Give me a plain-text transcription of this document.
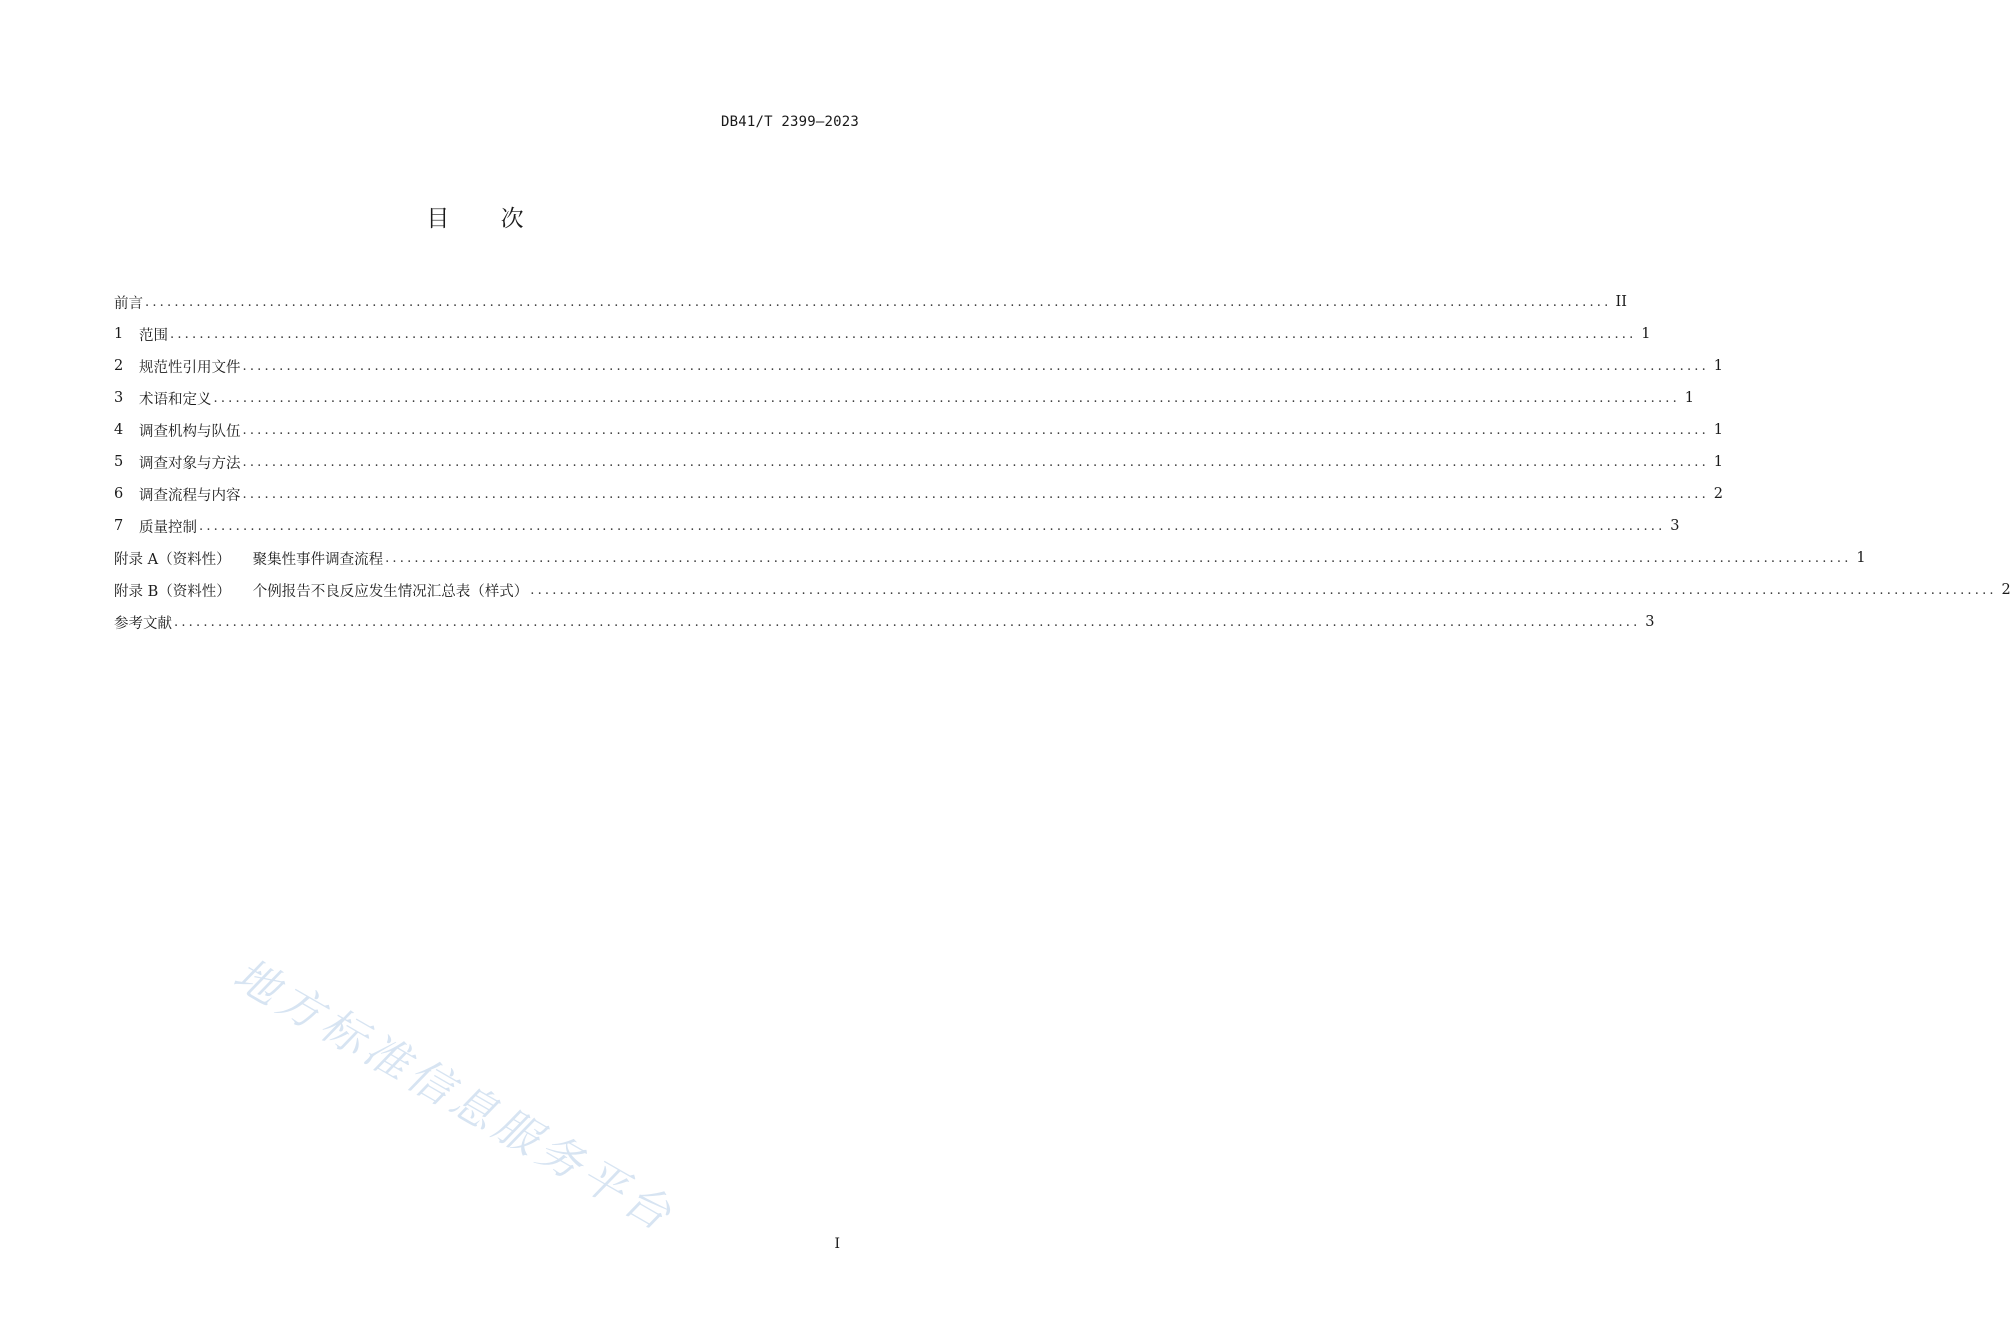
DB41/T 2399—2023
目 次
前言 ........................................................................................................................................................................................................ II
1	范围 ........................................................................................................................................................................................................ 1
2	规范性引用文件 ........................................................................................................................................................................................................ 1
3	术语和定义 ........................................................................................................................................................................................................ 1
4	调查机构与队伍 ........................................................................................................................................................................................................ 1
5	调查对象与方法 ........................................................................................................................................................................................................ 1
6	调查流程与内容 ........................................................................................................................................................................................................ 2
7	质量控制 ........................................................................................................................................................................................................ 3
附录 A（资料性） 聚集性事件调查流程 ........................................................................................................................................................................................................ 1
附录 B（资料性） 个例报告不良反应发生情况汇总表（样式） ........................................................................................................................................................................................................ 2
参考文献 ........................................................................................................................................................................................................ 3
地方标准信息服务平台
I
